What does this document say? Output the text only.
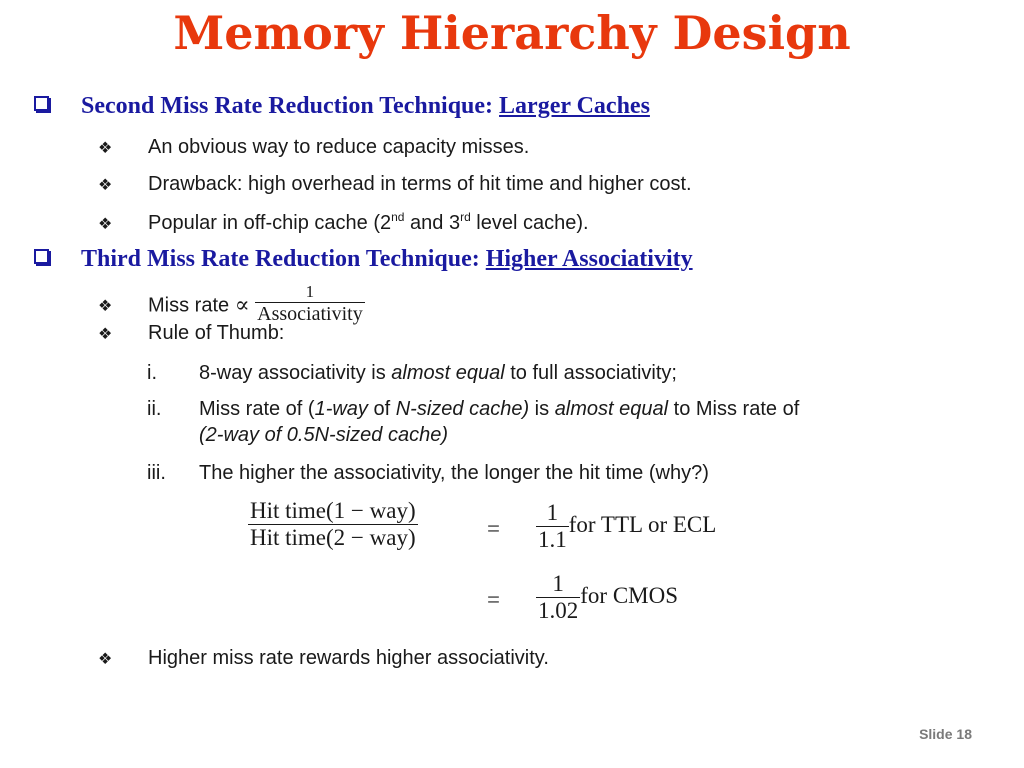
Memory Hierarchy Design
Second Miss Rate Reduction Technique: Larger Caches
❖ An obvious way to reduce capacity misses.
❖ Drawback: high overhead in terms of hit time and higher cost.
❖ Popular in off-chip cache (2nd and 3rd level cache).
Third Miss Rate Reduction Technique: Higher Associativity
❖ Miss rate ∝ $\frac{1}{\text{Associativity}}$
❖ Rule of Thumb:
i. 8-way associativity is almost equal to full associativity;
ii. Miss rate of (1-way of N-sized cache) is almost equal to Miss rate of
(2-way of 0.5N-sized cache)
iii. The higher the associativity, the longer the hit time (why?)
$\frac{\text{Hit time(1 − way)}}{\text{Hit time(2 − way)}}$	= $\frac{1}{1.1}$ for TTL or ECL
= $\frac{1}{1.02}$ for CMOS
❖ Higher miss rate rewards higher associativity.
Slide 18
